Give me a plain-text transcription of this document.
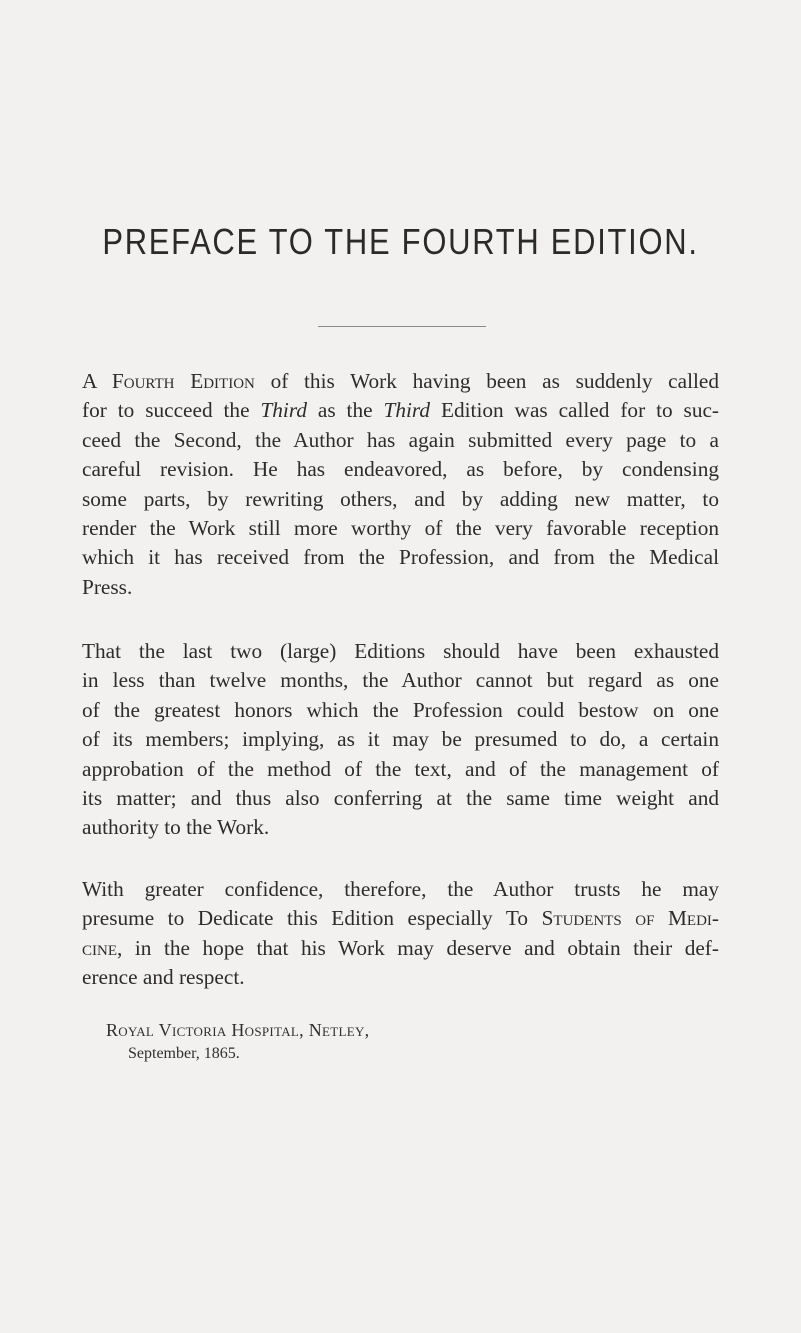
PREFACE TO THE FOURTH EDITION.
A Fourth Edition of this Work having been as suddenly called
for to succeed the Third as the Third Edition was called for to suc-
ceed the Second, the Author has again submitted every page to a
careful revision. He has endeavored, as before, by condensing
some parts, by rewriting others, and by adding new matter, to
render the Work still more worthy of the very favorable reception
which it has received from the Profession, and from the Medical
Press.
That the last two (large) Editions should have been exhausted
in less than twelve months, the Author cannot but regard as one
of the greatest honors which the Profession could bestow on one
of its members; implying, as it may be presumed to do, a certain
approbation of the method of the text, and of the management of
its matter; and thus also conferring at the same time weight and
authority to the Work.
With greater confidence, therefore, the Author trusts he may
presume to Dedicate this Edition especially To Students of Medi-
cine, in the hope that his Work may deserve and obtain their def-
erence and respect.
Royal Victoria Hospital, Netley,
September, 1865.
